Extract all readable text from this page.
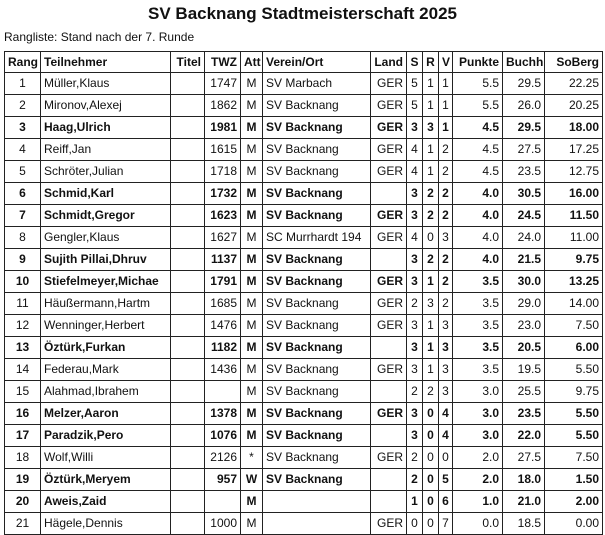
SV Backnang Stadtmeisterschaft 2025
Rangliste: Stand nach der 7. Runde
Rang	Teilnehmer	Titel	TWZ	Att	Verein/Ort	Land	S	R	V	Punkte	Buchh	SoBerg
1	Müller,Klaus		1747	M	SV Marbach	GER	5	1	1	5.5	29.5	22.25
2	Mironov,Alexej		1862	M	SV Backnang	GER	5	1	1	5.5	26.0	20.25
3	Haag,Ulrich		1981	M	SV Backnang	GER	3	3	1	4.5	29.5	18.00
4	Reiff,Jan		1615	M	SV Backnang	GER	4	1	2	4.5	27.5	17.25
5	Schröter,Julian		1718	M	SV Backnang	GER	4	1	2	4.5	23.5	12.75
6	Schmid,Karl		1732	M	SV Backnang		3	2	2	4.0	30.5	16.00
7	Schmidt,Gregor		1623	M	SV Backnang	GER	3	2	2	4.0	24.5	11.50
8	Gengler,Klaus		1627	M	SC Murrhardt 194	GER	4	0	3	4.0	24.0	11.00
9	Sujith Pillai,Dhruv		1137	M	SV Backnang		3	2	2	4.0	21.5	9.75
10	Stiefelmeyer,Michae		1791	M	SV Backnang	GER	3	1	2	3.5	30.0	13.25
11	Häußermann,Hartm		1685	M	SV Backnang	GER	2	3	2	3.5	29.0	14.00
12	Wenninger,Herbert		1476	M	SV Backnang	GER	3	1	3	3.5	23.0	7.50
13	Öztürk,Furkan		1182	M	SV Backnang		3	1	3	3.5	20.5	6.00
14	Federau,Mark		1436	M	SV Backnang	GER	3	1	3	3.5	19.5	5.50
15	Alahmad,Ibrahem			M	SV Backnang		2	2	3	3.0	25.5	9.75
16	Melzer,Aaron		1378	M	SV Backnang	GER	3	0	4	3.0	23.5	5.50
17	Paradzik,Pero		1076	M	SV Backnang		3	0	4	3.0	22.0	5.50
18	Wolf,Willi		2126	*	SV Backnang	GER	2	0	0	2.0	27.5	7.50
19	Öztürk,Meryem		957	W	SV Backnang		2	0	5	2.0	18.0	1.50
20	Aweis,Zaid			M			1	0	6	1.0	21.0	2.00
21	Hägele,Dennis		1000	M		GER	0	0	7	0.0	18.5	0.00
